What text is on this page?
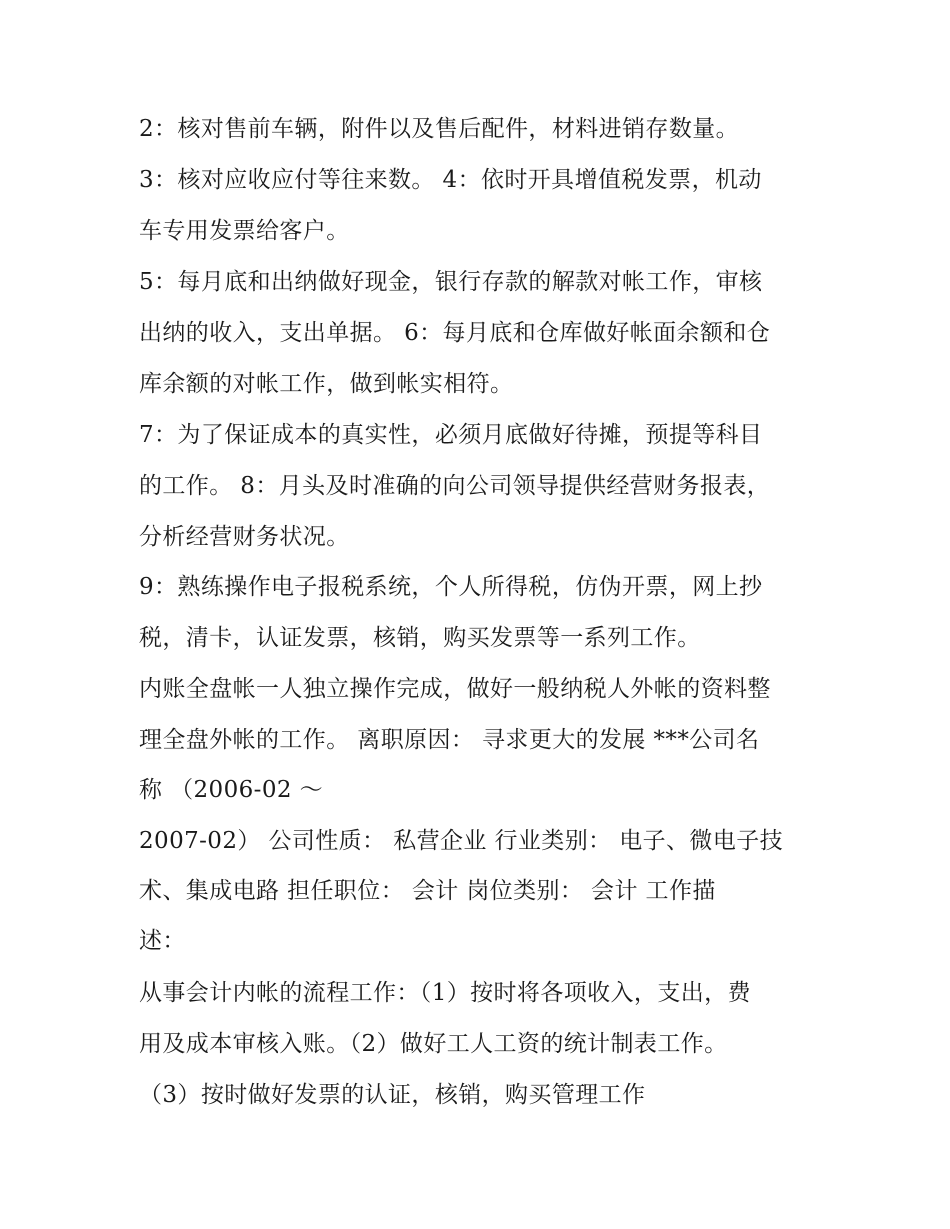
2：核对售前车辆，附件以及售后配件，材料进销存数量。
3：核对应收应付等往来数。 4：依时开具增值税发票，机动
车专用发票给客户。
5：每月底和出纳做好现金，银行存款的解款对帐工作，审核
出纳的收入，支出单据。 6：每月底和仓库做好帐面余额和仓
库余额的对帐工作，做到帐实相符。
7：为了保证成本的真实性，必须月底做好待摊，预提等科目
的工作。 8：月头及时准确的向公司领导提供经营财务报表，
分析经营财务状况。
9：熟练操作电子报税系统，个人所得税，仿伪开票，网上抄
税，清卡，认证发票，核销，购买发票等一系列工作。
内账全盘帐一人独立操作完成，做好一般纳税人外帐的资料整
理全盘外帐的工作。 离职原因： 寻求更大的发展 ***公司名
称 （2006-02 ～
2007-02） 公司性质： 私营企业 行业类别： 电子、微电子技
术、集成电路 担任职位： 会计 岗位类别： 会计 工作描
述：
从事会计内帐的流程工作：（1）按时将各项收入，支出，费
用及成本审核入账。（2）做好工人工资的统计制表工作。
（3）按时做好发票的认证，核销，购买管理工作
